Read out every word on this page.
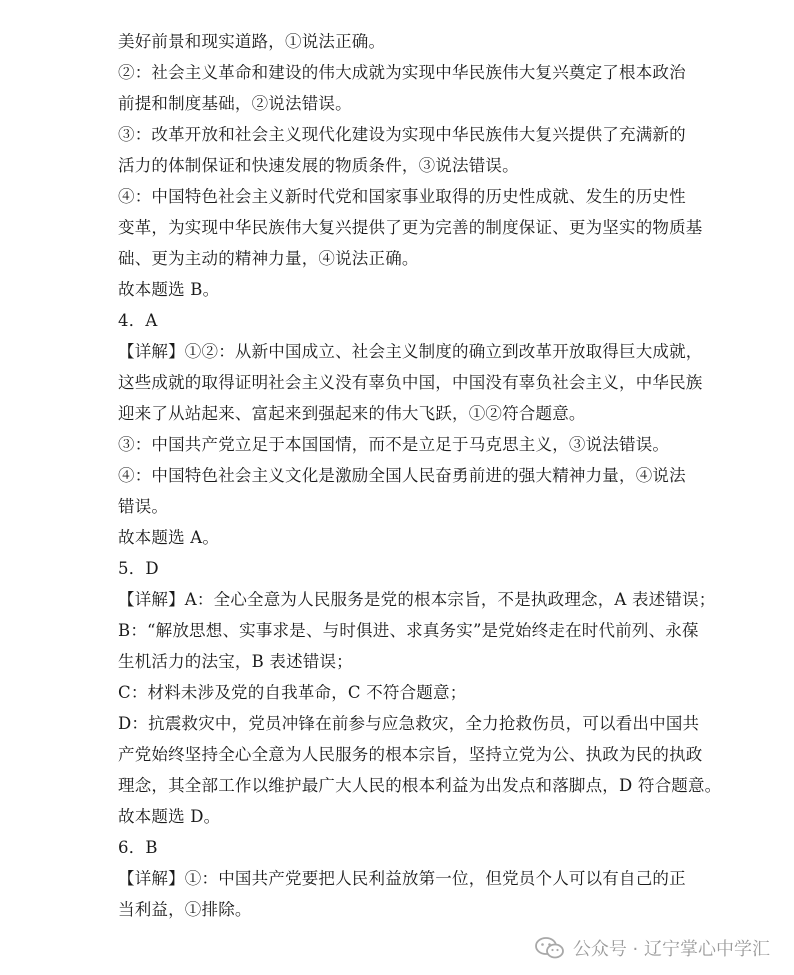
美好前景和现实道路，①说法正确。
②：社会主义革命和建设的伟大成就为实现中华民族伟大复兴奠定了根本政治
前提和制度基础，②说法错误。
③：改革开放和社会主义现代化建设为实现中华民族伟大复兴提供了充满新的
活力的体制保证和快速发展的物质条件，③说法错误。
④：中国特色社会主义新时代党和国家事业取得的历史性成就、发生的历史性
变革，为实现中华民族伟大复兴提供了更为完善的制度保证、更为坚实的物质基
础、更为主动的精神力量，④说法正确。
故本题选 B。
4．A
【详解】①②：从新中国成立、社会主义制度的确立到改革开放取得巨大成就，
这些成就的取得证明社会主义没有辜负中国，中国没有辜负社会主义，中华民族
迎来了从站起来、富起来到强起来的伟大飞跃，①②符合题意。
③：中国共产党立足于本国国情，而不是立足于马克思主义，③说法错误。
④：中国特色社会主义文化是激励全国人民奋勇前进的强大精神力量，④说法
错误。
故本题选 A。
5．D
【详解】A：全心全意为人民服务是党的根本宗旨，不是执政理念，A 表述错误；
B：“解放思想、实事求是、与时俱进、求真务实”是党始终走在时代前列、永葆
生机活力的法宝，B 表述错误；
C：材料未涉及党的自我革命，C 不符合题意；
D：抗震救灾中，党员冲锋在前参与应急救灾，全力抢救伤员，可以看出中国共
产党始终坚持全心全意为人民服务的根本宗旨，坚持立党为公、执政为民的执政
理念，其全部工作以维护最广大人民的根本利益为出发点和落脚点，D 符合题意。
故本题选 D。
6．B
【详解】①：中国共产党要把人民利益放第一位，但党员个人可以有自己的正
当利益，①排除。
公众号 · 辽宁掌心中学汇
